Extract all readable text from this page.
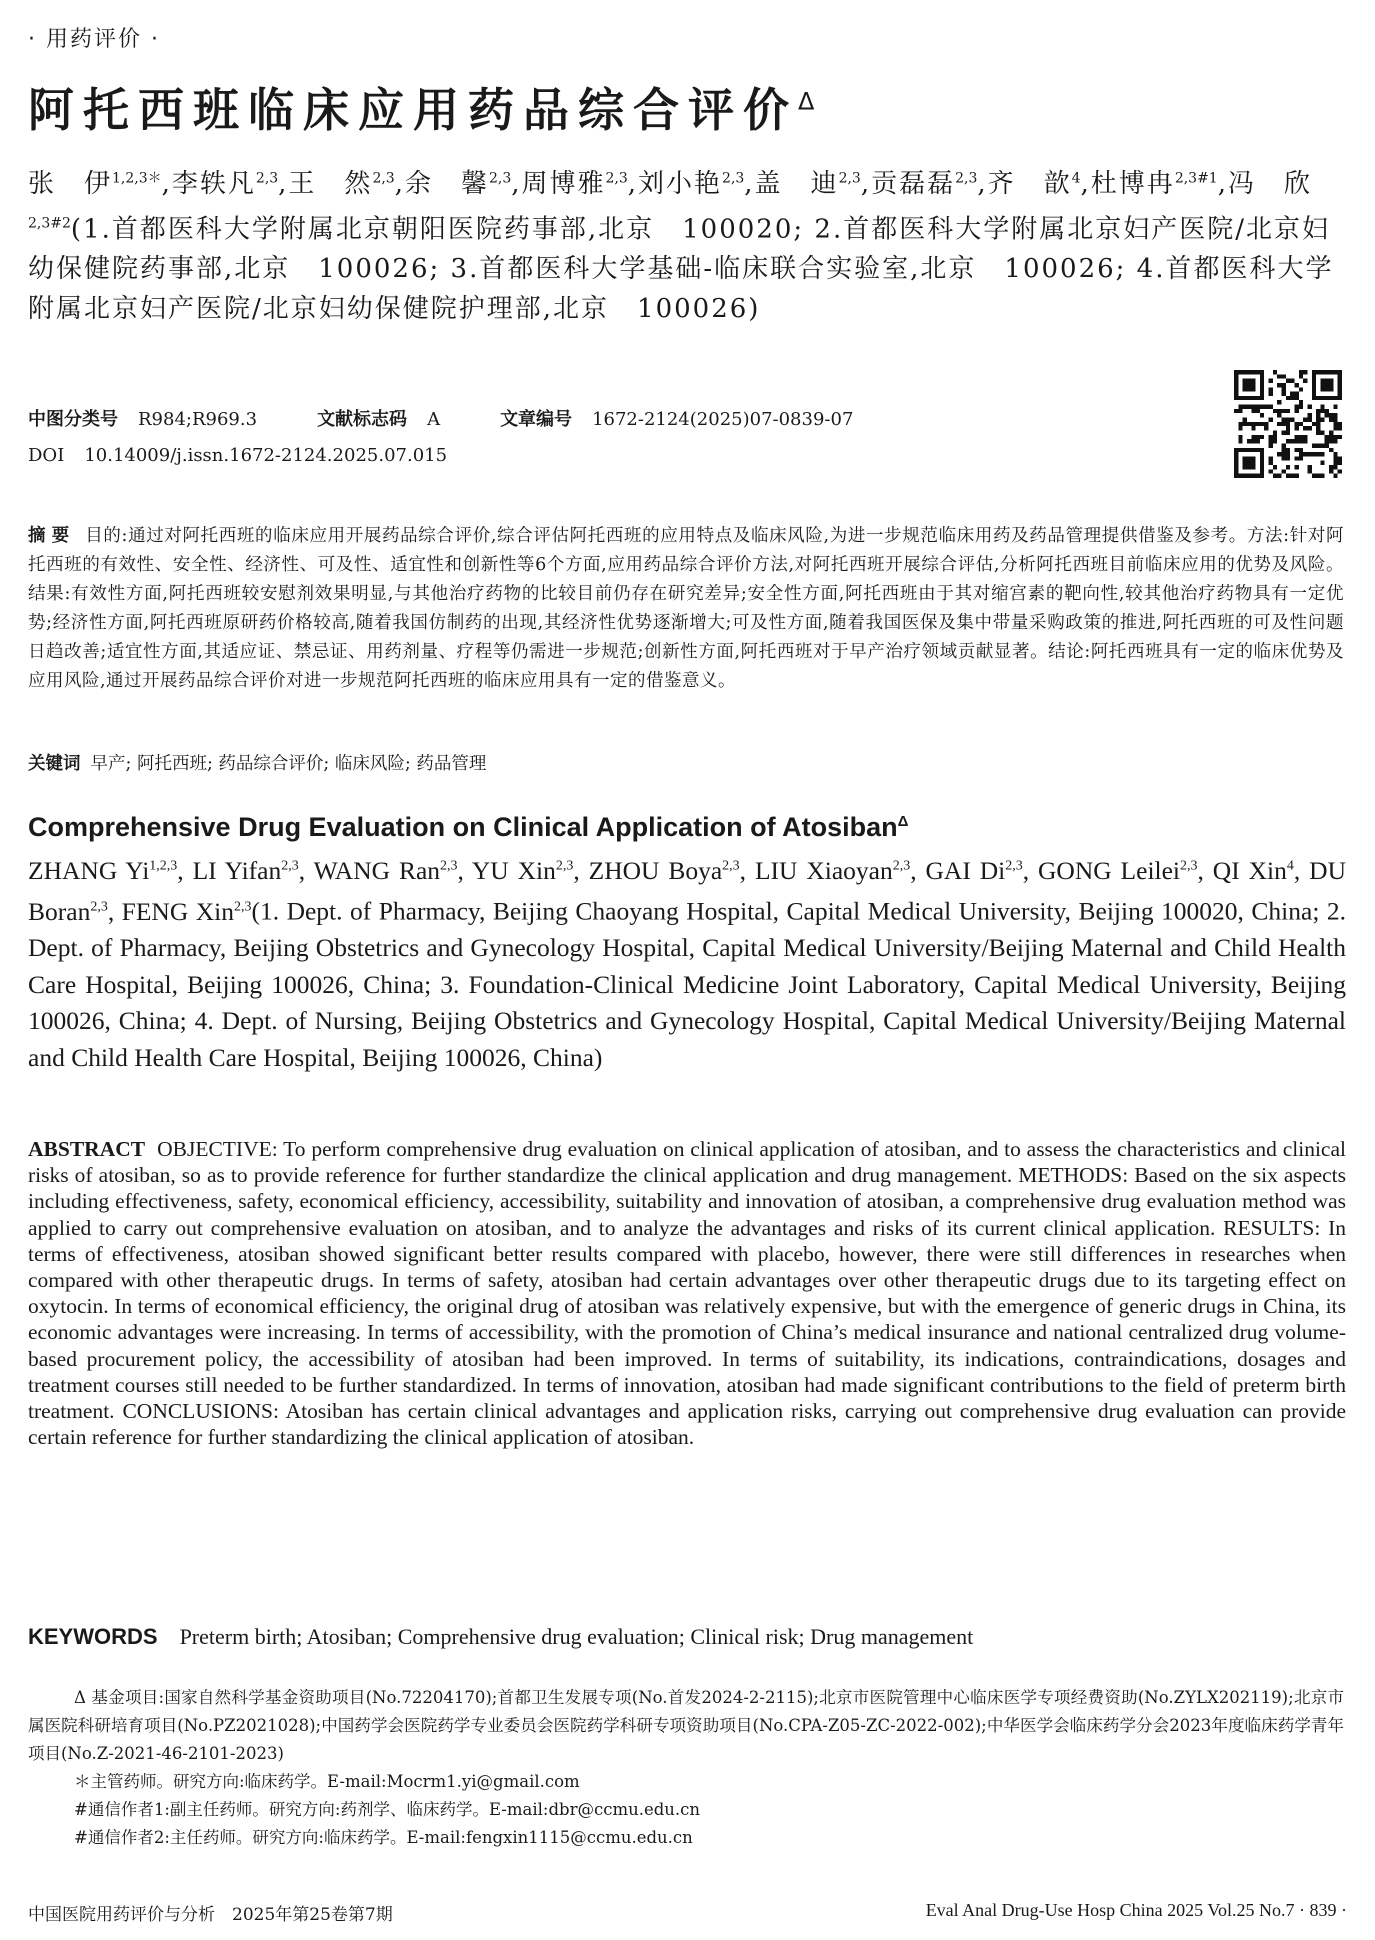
· 用药评价 ·
阿托西班临床应用药品综合评价$^\Delta$
张　伊$^{1,2,3*}$,李轶凡$^{2,3}$,王　然$^{2,3}$,余　馨$^{2,3}$,周博雅$^{2,3}$,刘小艳$^{2,3}$,盖　迪$^{2,3}$,贡磊磊$^{2,3}$,齐　歆$^4$,杜博冉$^{2,3\#1}$,冯　欣$^{2,3\#2}$(1.首都医科大学附属北京朝阳医院药事部,北京　100020; 2.首都医科大学附属北京妇产医院/北京妇幼保健院药事部,北京　100026; 3.首都医科大学基础-临床联合实验室,北京　100026; 4.首都医科大学附属北京妇产医院/北京妇幼保健院护理部,北京　100026)
中图分类号 R984;R969.3	文献标志码 A	文章编号 1672-2124(2025)07-0839-07
DOI 10.14009/j.issn.1672-2124.2025.07.015
摘要 目的:通过对阿托西班的临床应用开展药品综合评价,综合评估阿托西班的应用特点及临床风险,为进一步规范临床用药及药品管理提供借鉴及参考。方法:针对阿托西班的有效性、安全性、经济性、可及性、适宜性和创新性等6个方面,应用药品综合评价方法,对阿托西班开展综合评估,分析阿托西班目前临床应用的优势及风险。结果:有效性方面,阿托西班较安慰剂效果明显,与其他治疗药物的比较目前仍存在研究差异;安全性方面,阿托西班由于其对缩宫素的靶向性,较其他治疗药物具有一定优势;经济性方面,阿托西班原研药价格较高,随着我国仿制药的出现,其经济性优势逐渐增大;可及性方面,随着我国医保及集中带量采购政策的推进,阿托西班的可及性问题日趋改善;适宜性方面,其适应证、禁忌证、用药剂量、疗程等仍需进一步规范;创新性方面,阿托西班对于早产治疗领域贡献显著。结论:阿托西班具有一定的临床优势及应用风险,通过开展药品综合评价对进一步规范阿托西班的临床应用具有一定的借鉴意义。
关键词 早产; 阿托西班; 药品综合评价; 临床风险; 药品管理
Comprehensive Drug Evaluation on Clinical Application of Atosiban$^\Delta$
ZHANG Yi$^{1,2,3}$, LI Yifan$^{2,3}$, WANG Ran$^{2,3}$, YU Xin$^{2,3}$, ZHOU Boya$^{2,3}$, LIU Xiaoyan$^{2,3}$, GAI Di$^{2,3}$, GONG Leilei$^{2,3}$, QI Xin$^4$, DU Boran$^{2,3}$, FENG Xin$^{2,3}$(1. Dept. of Pharmacy, Beijing Chaoyang Hospital, Capital Medical University, Beijing 100020, China; 2. Dept. of Pharmacy, Beijing Obstetrics and Gynecology Hospital, Capital Medical University/Beijing Maternal and Child Health Care Hospital, Beijing 100026, China; 3. Foundation-Clinical Medicine Joint Laboratory, Capital Medical University, Beijing 100026, China; 4. Dept. of Nursing, Beijing Obstetrics and Gynecology Hospital, Capital Medical University/Beijing Maternal and Child Health Care Hospital, Beijing 100026, China)
ABSTRACT OBJECTIVE: To perform comprehensive drug evaluation on clinical application of atosiban, and to assess the characteristics and clinical risks of atosiban, so as to provide reference for further standardize the clinical application and drug management. METHODS: Based on the six aspects including effectiveness, safety, economical efficiency, accessibility, suitability and innovation of atosiban, a comprehensive drug evaluation method was applied to carry out comprehensive evaluation on atosiban, and to analyze the advantages and risks of its current clinical application. RESULTS: In terms of effectiveness, atosiban showed significant better results compared with placebo, however, there were still differences in researches when compared with other therapeutic drugs. In terms of safety, atosiban had certain advantages over other therapeutic drugs due to its targeting effect on oxytocin. In terms of economical efficiency, the original drug of atosiban was relatively expensive, but with the emergence of generic drugs in China, its economic advantages were increasing. In terms of accessibility, with the promotion of China’s medical insurance and national centralized drug volume-based procurement policy, the accessibility of atosiban had been improved. In terms of suitability, its indications, contraindications, dosages and treatment courses still needed to be further standardized. In terms of innovation, atosiban had made significant contributions to the field of preterm birth treatment. CONCLUSIONS: Atosiban has certain clinical advantages and application risks, carrying out comprehensive drug evaluation can provide certain reference for further standardizing the clinical application of atosiban.
KEYWORDS Preterm birth; Atosiban; Comprehensive drug evaluation; Clinical risk; Drug management
Δ 基金项目:国家自然科学基金资助项目(No.72204170);首都卫生发展专项(No.首发2024-2-2115);北京市医院管理中心临床医学专项经费资助(No.ZYLX202119);北京市属医院科研培育项目(No.PZ2021028);中国药学会医院药学专业委员会医院药学科研专项资助项目(No.CPA-Z05-ZC-2022-002);中华医学会临床药学分会2023年度临床药学青年项目(No.Z-2021-46-2101-2023)
＊主管药师。研究方向:临床药学。E-mail:Mocrm1.yi@gmail.com
#通信作者1:副主任药师。研究方向:药剂学、临床药学。E-mail:dbr@ccmu.edu.cn
#通信作者2:主任药师。研究方向:临床药学。E-mail:fengxin1115@ccmu.edu.cn
中国医院用药评价与分析　2025年第25卷第7期	Eval Anal Drug-Use Hosp China 2025 Vol.25 No.7 · 839 ·
